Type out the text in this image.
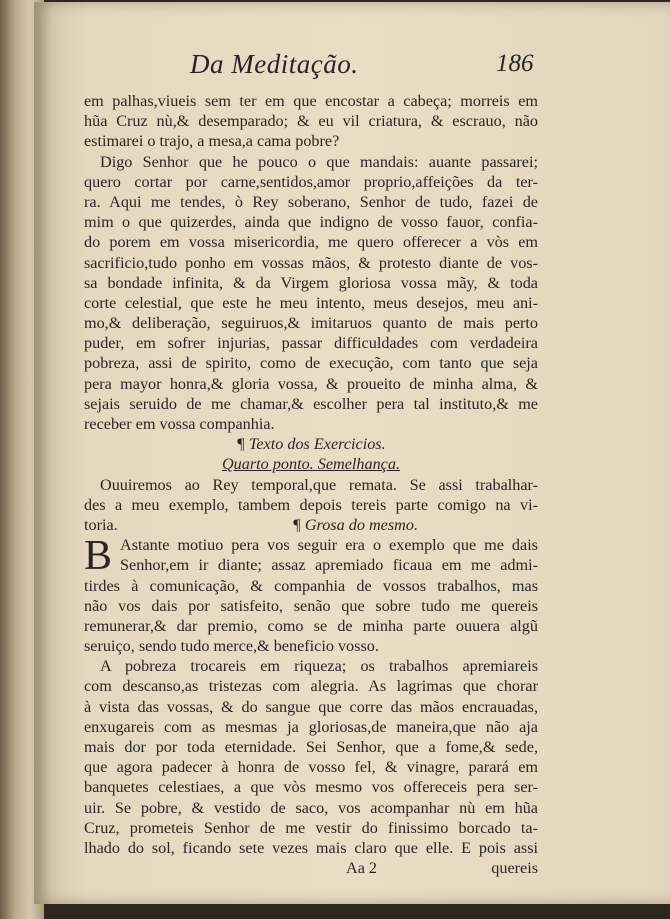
Da Meditação.	186
em palhas,viueis sem ter em que encostar a cabeça; morreis em
hũa Cruz nù,& desemparado; & eu vil criatura, & escrauo, não
estimarei o trajo, a mesa,a cama pobre?
Digo Senhor que he pouco o que mandais: auante passarei;
quero cortar por carne,sentidos,amor proprio,affeições da ter-
ra. Aqui me tendes, ò Rey soberano, Senhor de tudo, fazei de
mim o que quizerdes, ainda que indigno de vosso fauor, confia-
do porem em vossa misericordia, me quero offerecer a vòs em
sacrificio,tudo ponho em vossas mãos, & protesto diante de vos-
sa bondade infinita, & da Virgem gloriosa vossa mãy, & toda
corte celestial, que este he meu intento, meus desejos, meu ani-
mo,& deliberação, seguiruos,& imitaruos quanto de mais perto
puder, em sofrer injurias, passar difficuldades com verdadeira
pobreza, assi de spirito, como de execução, com tanto que seja
pera mayor honra,& gloria vossa, & proueito de minha alma, &
sejais seruido de me chamar,& escolher pera tal instituto,& me
receber em vossa companhia.
¶ Texto dos Exercicios.
Quarto ponto. Semelhança.
Ouuiremos ao Rey temporal,que remata. Se assi trabalhar-
des a meu exemplo, tambem depois tereis parte comigo na vi-
toria.	¶ Grosa do mesmo.
B Astante motiuo pera vos seguir era o exemplo que me dais
Senhor,em ir diante; assaz apremiado ficaua em me admi-
tirdes à comunicação, & companhia de vossos trabalhos, mas
não vos dais por satisfeito, senão que sobre tudo me quereis
remunerar,& dar premio, como se de minha parte ouuera algũ
seruiço, sendo tudo merce,& beneficio vosso.
A pobreza trocareis em riqueza; os trabalhos apremiareis
com descanso,as tristezas com alegria. As lagrimas que chorar
à vista das vossas, & do sangue que corre das mãos encrauadas,
enxugareis com as mesmas ja gloriosas,de maneira,que não aja
mais dor por toda eternidade. Sei Senhor, que a fome,& sede,
que agora padecer à honra de vosso fel, & vinagre, parará em
banquetes celestiaes, a que vòs mesmo vos offereceis pera ser-
uir. Se pobre, & vestido de saco, vos acompanhar nù em hũa
Cruz, prometeis Senhor de me vestir do finissimo borcado ta-
lhado do sol, ficando sete vezes mais claro que elle. E pois assi
Aa 2	quereis
